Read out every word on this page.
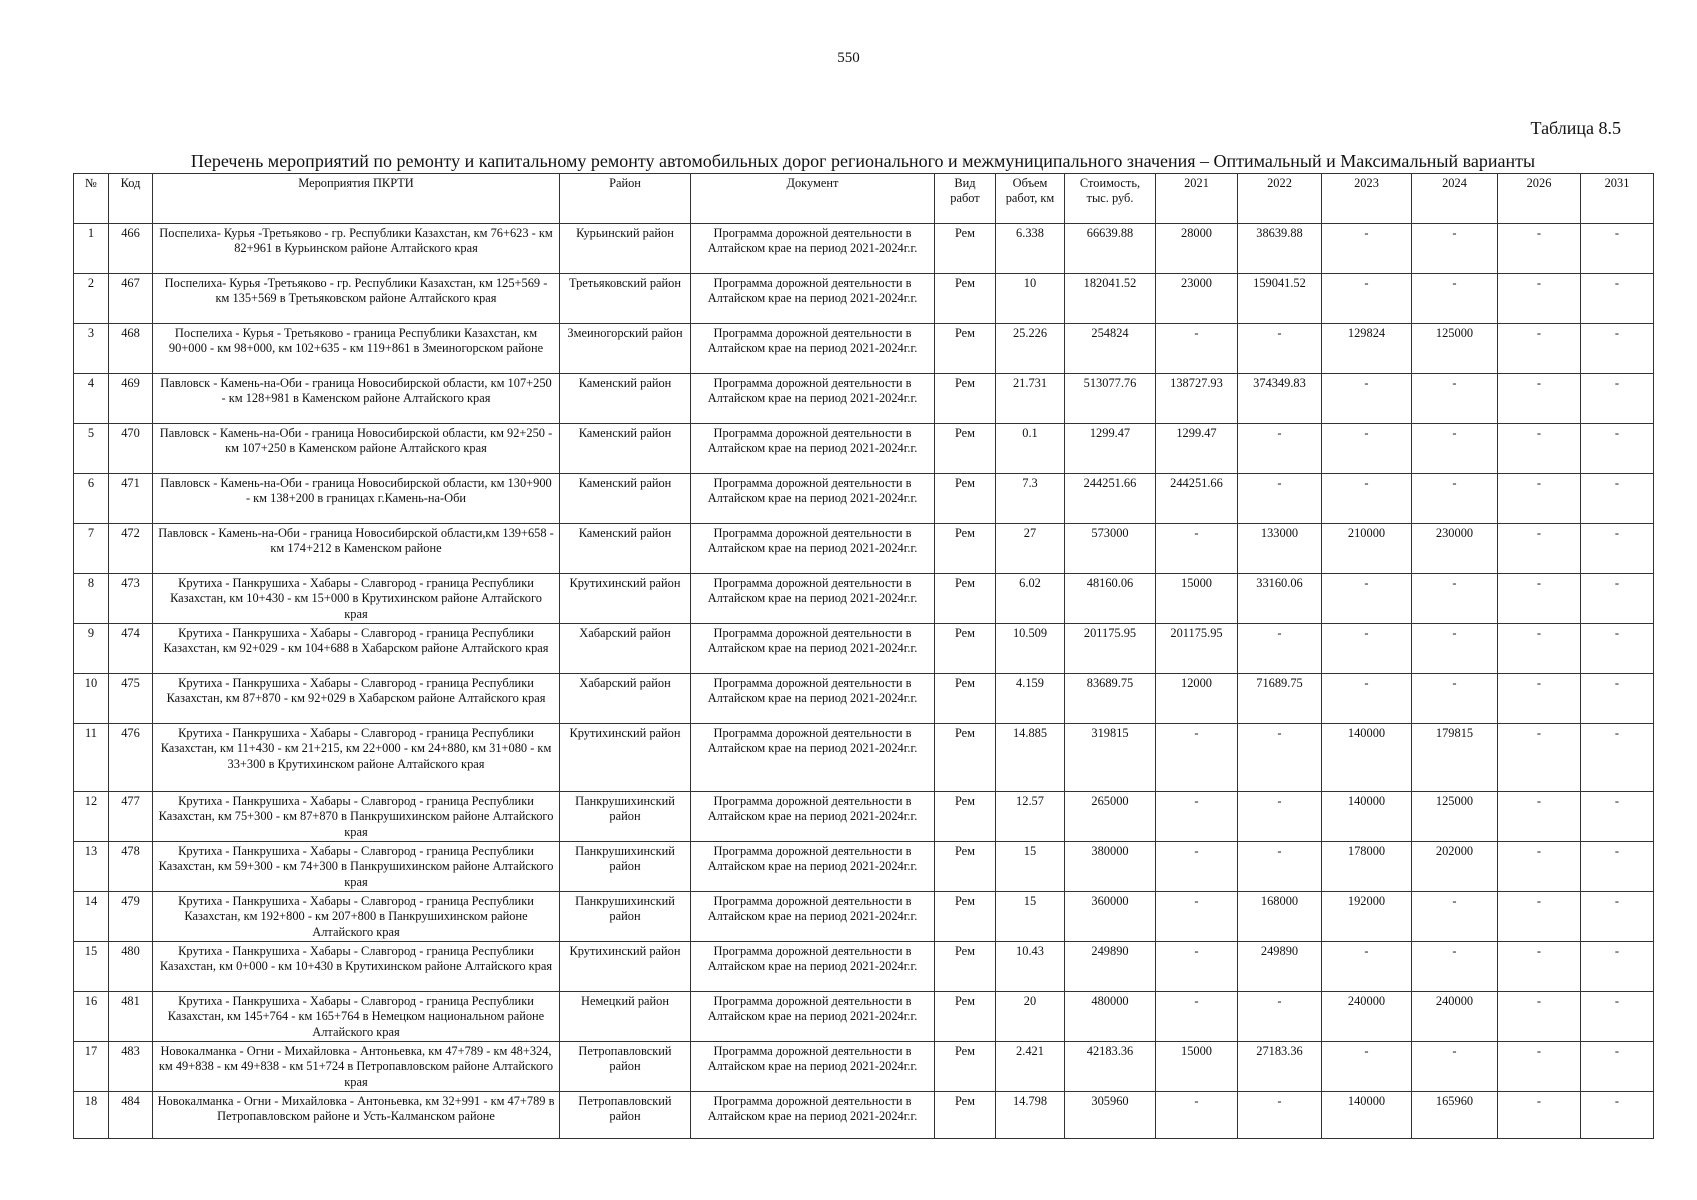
550
Таблица 8.5
Перечень мероприятий по ремонту и капитальному ремонту автомобильных дорог регионального и межмуниципального значения – Оптимальный и Максимальный варианты
№	Код	Мероприятия ПКРТИ	Район	Документ	Вид работ	Объем работ, км	Стоимость, тыс. руб.	2021	2022	2023	2024	2026	2031
1	466	Поспелиха- Курья -Третьяково - гр. Республики Казахстан, км 76+623 - км 82+961 в Курьинском районе Алтайского края	Курьинский район	Программа дорожной деятельности в Алтайском крае на период 2021-2024г.г.	Рем	6.338	66639.88	28000	38639.88	-	-	-	-
2	467	Поспелиха- Курья -Третьяково - гр. Республики Казахстан, км 125+569 - км 135+569 в Третьяковском районе Алтайского края	Третьяковский район	Программа дорожной деятельности в Алтайском крае на период 2021-2024г.г.	Рем	10	182041.52	23000	159041.52	-	-	-	-
3	468	Поспелиха - Курья - Третьяково - граница Республики Казахстан, км 90+000 - км 98+000, км 102+635 - км 119+861 в Змеиногорском районе	Змеиногорский район	Программа дорожной деятельности в Алтайском крае на период 2021-2024г.г.	Рем	25.226	254824	-	-	129824	125000	-	-
4	469	Павловск - Камень-на-Оби - граница Новосибирской области, км 107+250 - км 128+981 в Каменском районе Алтайского края	Каменский район	Программа дорожной деятельности в Алтайском крае на период 2021-2024г.г.	Рем	21.731	513077.76	138727.93	374349.83	-	-	-	-
5	470	Павловск - Камень-на-Оби - граница Новосибирской области, км 92+250 - км 107+250 в Каменском районе Алтайского края	Каменский район	Программа дорожной деятельности в Алтайском крае на период 2021-2024г.г.	Рем	0.1	1299.47	1299.47	-	-	-	-	-
6	471	Павловск - Камень-на-Оби - граница Новосибирской области, км 130+900 - км 138+200 в границах г.Камень-на-Оби	Каменский район	Программа дорожной деятельности в Алтайском крае на период 2021-2024г.г.	Рем	7.3	244251.66	244251.66	-	-	-	-	-
7	472	Павловск - Камень-на-Оби - граница Новосибирской области,км 139+658 - км 174+212 в Каменском районе	Каменский район	Программа дорожной деятельности в Алтайском крае на период 2021-2024г.г.	Рем	27	573000	-	133000	210000	230000	-	-
8	473	Крутиха - Панкрушиха - Хабары - Славгород - граница Республики Казахстан, км 10+430 - км 15+000 в Крутихинском районе Алтайского края	Крутихинский район	Программа дорожной деятельности в Алтайском крае на период 2021-2024г.г.	Рем	6.02	48160.06	15000	33160.06	-	-	-	-
9	474	Крутиха - Панкрушиха - Хабары - Славгород - граница Республики Казахстан, км 92+029 - км 104+688 в Хабарском районе Алтайского края	Хабарский район	Программа дорожной деятельности в Алтайском крае на период 2021-2024г.г.	Рем	10.509	201175.95	201175.95	-	-	-	-	-
10	475	Крутиха - Панкрушиха - Хабары - Славгород - граница Республики Казахстан, км 87+870 - км 92+029 в Хабарском районе Алтайского края	Хабарский район	Программа дорожной деятельности в Алтайском крае на период 2021-2024г.г.	Рем	4.159	83689.75	12000	71689.75	-	-	-	-
11	476	Крутиха - Панкрушиха - Хабары - Славгород - граница Республики Казахстан, км 11+430 - км 21+215, км 22+000 - км 24+880, км 31+080 - км 33+300 в Крутихинском районе Алтайского края	Крутихинский район	Программа дорожной деятельности в Алтайском крае на период 2021-2024г.г.	Рем	14.885	319815	-	-	140000	179815	-	-
12	477	Крутиха - Панкрушиха - Хабары - Славгород - граница Республики Казахстан, км 75+300 - км 87+870 в Панкрушихинском районе Алтайского края	Панкрушихинский район	Программа дорожной деятельности в Алтайском крае на период 2021-2024г.г.	Рем	12.57	265000	-	-	140000	125000	-	-
13	478	Крутиха - Панкрушиха - Хабары - Славгород - граница Республики Казахстан, км 59+300 - км 74+300 в Панкрушихинском районе Алтайского края	Панкрушихинский район	Программа дорожной деятельности в Алтайском крае на период 2021-2024г.г.	Рем	15	380000	-	-	178000	202000	-	-
14	479	Крутиха - Панкрушиха - Хабары - Славгород - граница Республики Казахстан, км 192+800 - км 207+800 в Панкрушихинском районе Алтайского края	Панкрушихинский район	Программа дорожной деятельности в Алтайском крае на период 2021-2024г.г.	Рем	15	360000	-	168000	192000	-	-	-
15	480	Крутиха - Панкрушиха - Хабары - Славгород - граница Республики Казахстан, км 0+000 - км 10+430 в Крутихинском районе Алтайского края	Крутихинский район	Программа дорожной деятельности в Алтайском крае на период 2021-2024г.г.	Рем	10.43	249890	-	249890	-	-	-	-
16	481	Крутиха - Панкрушиха - Хабары - Славгород - граница Республики Казахстан, км 145+764 - км 165+764 в Немецком национальном районе Алтайского края	Немецкий район	Программа дорожной деятельности в Алтайском крае на период 2021-2024г.г.	Рем	20	480000	-	-	240000	240000	-	-
17	483	Новокалманка - Огни - Михайловка - Антоньевка, км 47+789 - км 48+324, км 49+838 - км 49+838 - км 51+724 в Петропавловском районе Алтайского края	Петропавловский район	Программа дорожной деятельности в Алтайском крае на период 2021-2024г.г.	Рем	2.421	42183.36	15000	27183.36	-	-	-	-
18	484	Новокалманка - Огни - Михайловка - Антоньевка, км 32+991 - км 47+789 в Петропавловском районе и Усть-Калманском районе	Петропавловский район	Программа дорожной деятельности в Алтайском крае на период 2021-2024г.г.	Рем	14.798	305960	-	-	140000	165960	-	-
